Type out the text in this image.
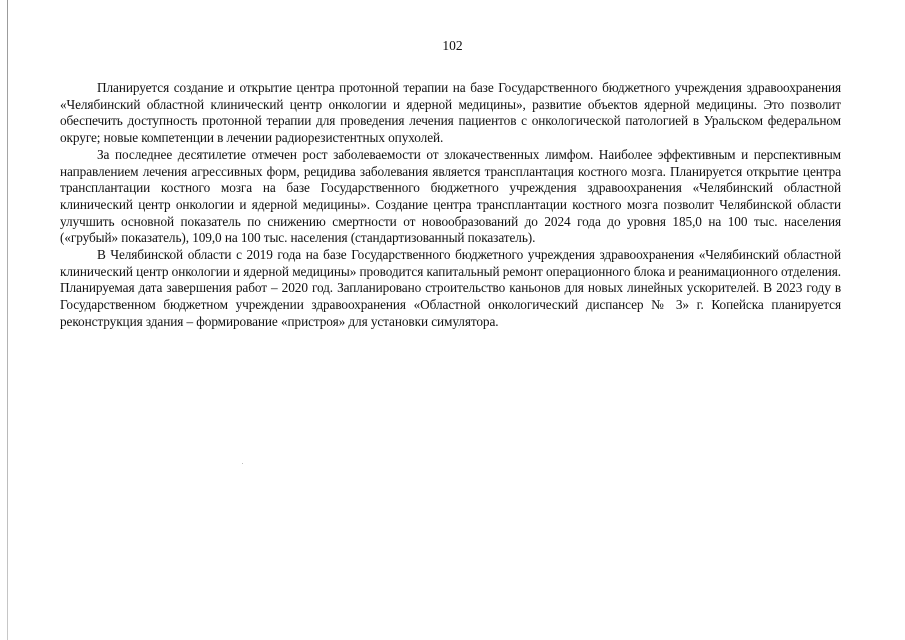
102

Планируется создание и открытие центра протонной терапии на базе Государственного бюджетного учреждения здравоохранения «Челябинский областной клинический центр онкологии и ядерной медицины», развитие объектов ядерной медицины. Это позволит обеспечить доступность протонной терапии для проведения лечения пациентов с онкологической патологией в Уральском федеральном округе; новые компетенции в лечении радиорезистентных опухолей.

За последнее десятилетие отмечен рост заболеваемости от злокачественных лимфом. Наиболее эффективным и перспективным направлением лечения агрессивных форм, рецидива заболевания является трансплантация костного мозга. Планируется открытие центра трансплантации костного мозга на базе Государственного бюджетного учреждения здравоохранения «Челябинский областной клинический центр онкологии и ядерной медицины». Создание центра трансплантации костного мозга позволит Челябинской области улучшить основной показатель по снижению смертности от новообразований до 2024 года до уровня 185,0 на 100 тыс. населения («грубый» показатель), 109,0 на 100 тыс. населения (стандартизованный показатель).

В Челябинской области с 2019 года на базе Государственного бюджетного учреждения здравоохранения «Челябинский областной клинический центр онкологии и ядерной медицины» проводится капитальный ремонт операционного блока и реанимационного отделения. Планируемая дата завершения работ – 2020 год. Запланировано строительство каньонов для новых линейных ускорителей. В 2023 году в Государственном бюджетном учреждении здравоохранения «Областной онкологический диспансер № 3» г. Копейска планируется реконструкция здания – формирование «пристроя» для установки симулятора.
